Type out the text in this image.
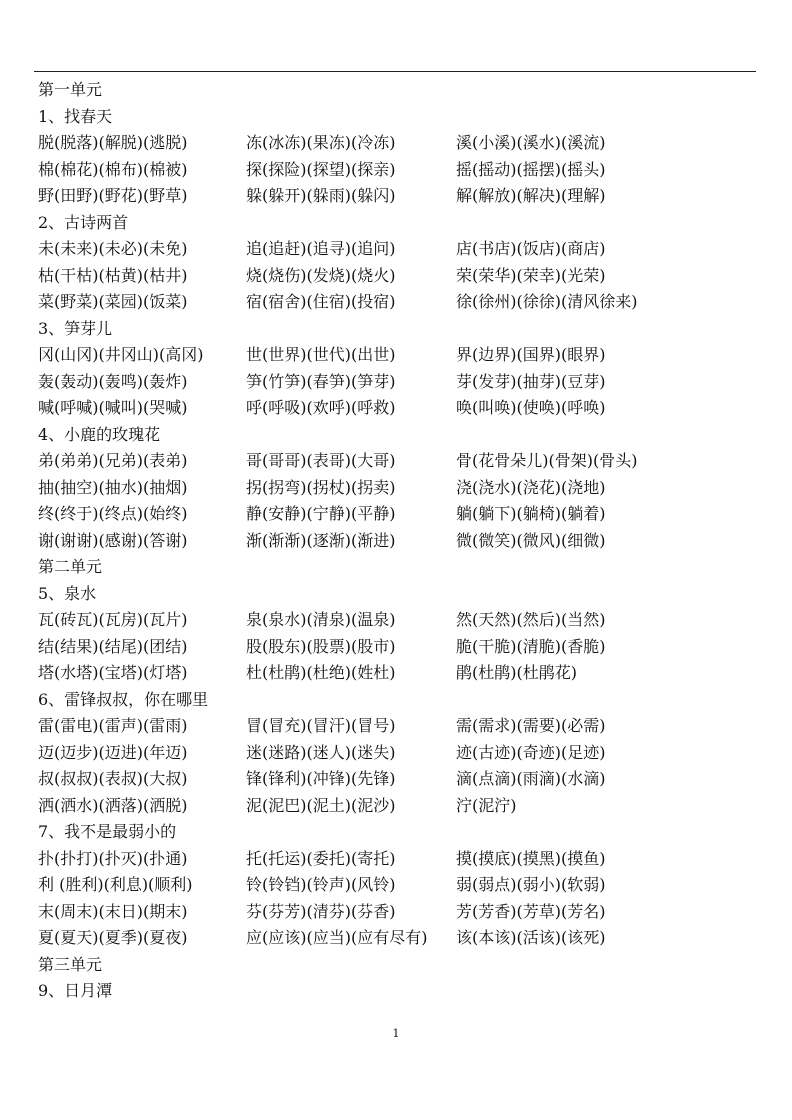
第一单元
1、找春天
脱(脱落)(解脱)(逃脱)	冻(冰冻)(果冻)(冷冻)	溪(小溪)(溪水)(溪流)
棉(棉花)(棉布)(棉被)	探(探险)(探望)(探亲)	摇(摇动)(摇摆)(摇头)
野(田野)(野花)(野草)	躲(躲开)(躲雨)(躲闪)	解(解放)(解决)(理解)
2、古诗两首
未(未来)(未必)(未免)	追(追赶)(追寻)(追问)	店(书店)(饭店)(商店)
枯(干枯)(枯黄)(枯井)	烧(烧伤)(发烧)(烧火)	荣(荣华)(荣幸)(光荣)
菜(野菜)(菜园)(饭菜)	宿(宿舍)(住宿)(投宿)	徐(徐州)(徐徐)(清风徐来)
3、笋芽儿
冈(山冈)(井冈山)(高冈)	世(世界)(世代)(出世)	界(边界)(国界)(眼界)
轰(轰动)(轰鸣)(轰炸)	笋(竹笋)(春笋)(笋芽)	芽(发芽)(抽芽)(豆芽)
喊(呼喊)(喊叫)(哭喊)	呼(呼吸)(欢呼)(呼救)	唤(叫唤)(使唤)(呼唤)
4、小鹿的玫瑰花
弟(弟弟)(兄弟)(表弟)	哥(哥哥)(表哥)(大哥)	骨(花骨朵儿)(骨架)(骨头)
抽(抽空)(抽水)(抽烟)	拐(拐弯)(拐杖)(拐卖)	浇(浇水)(浇花)(浇地)
终(终于)(终点)(始终)	静(安静)(宁静)(平静)	躺(躺下)(躺椅)(躺着)
谢(谢谢)(感谢)(答谢)	渐(渐渐)(逐渐)(渐进)	微(微笑)(微风)(细微)
第二单元
5、泉水
瓦(砖瓦)(瓦房)(瓦片)	泉(泉水)(清泉)(温泉)	然(天然)(然后)(当然)
结(结果)(结尾)(团结)	股(股东)(股票)(股市)	脆(干脆)(清脆)(香脆)
塔(水塔)(宝塔)(灯塔)	杜(杜鹃)(杜绝)(姓杜)	鹃(杜鹃)(杜鹃花)
6、雷锋叔叔，你在哪里
雷(雷电)(雷声)(雷雨)	冒(冒充)(冒汗)(冒号)	需(需求)(需要)(必需)
迈(迈步)(迈进)(年迈)	迷(迷路)(迷人)(迷失)	迹(古迹)(奇迹)(足迹)
叔(叔叔)(表叔)(大叔)	锋(锋利)(冲锋)(先锋)	滴(点滴)(雨滴)(水滴)
洒(洒水)(洒落)(洒脱)	泥(泥巴)(泥土)(泥沙)	泞(泥泞)
7、我不是最弱小的
扑(扑打)(扑灭)(扑通)	托(托运)(委托)(寄托)	摸(摸底)(摸黑)(摸鱼)
利 (胜利)(利息)(顺利)	铃(铃铛)(铃声)(风铃)	弱(弱点)(弱小)(软弱)
末(周末)(末日)(期末)	芬(芬芳)(清芬)(芬香)	芳(芳香)(芳草)(芳名)
夏(夏天)(夏季)(夏夜)	应(应该)(应当)(应有尽有) 该(本该)(活该)(该死)
第三单元
9、日月潭
1
